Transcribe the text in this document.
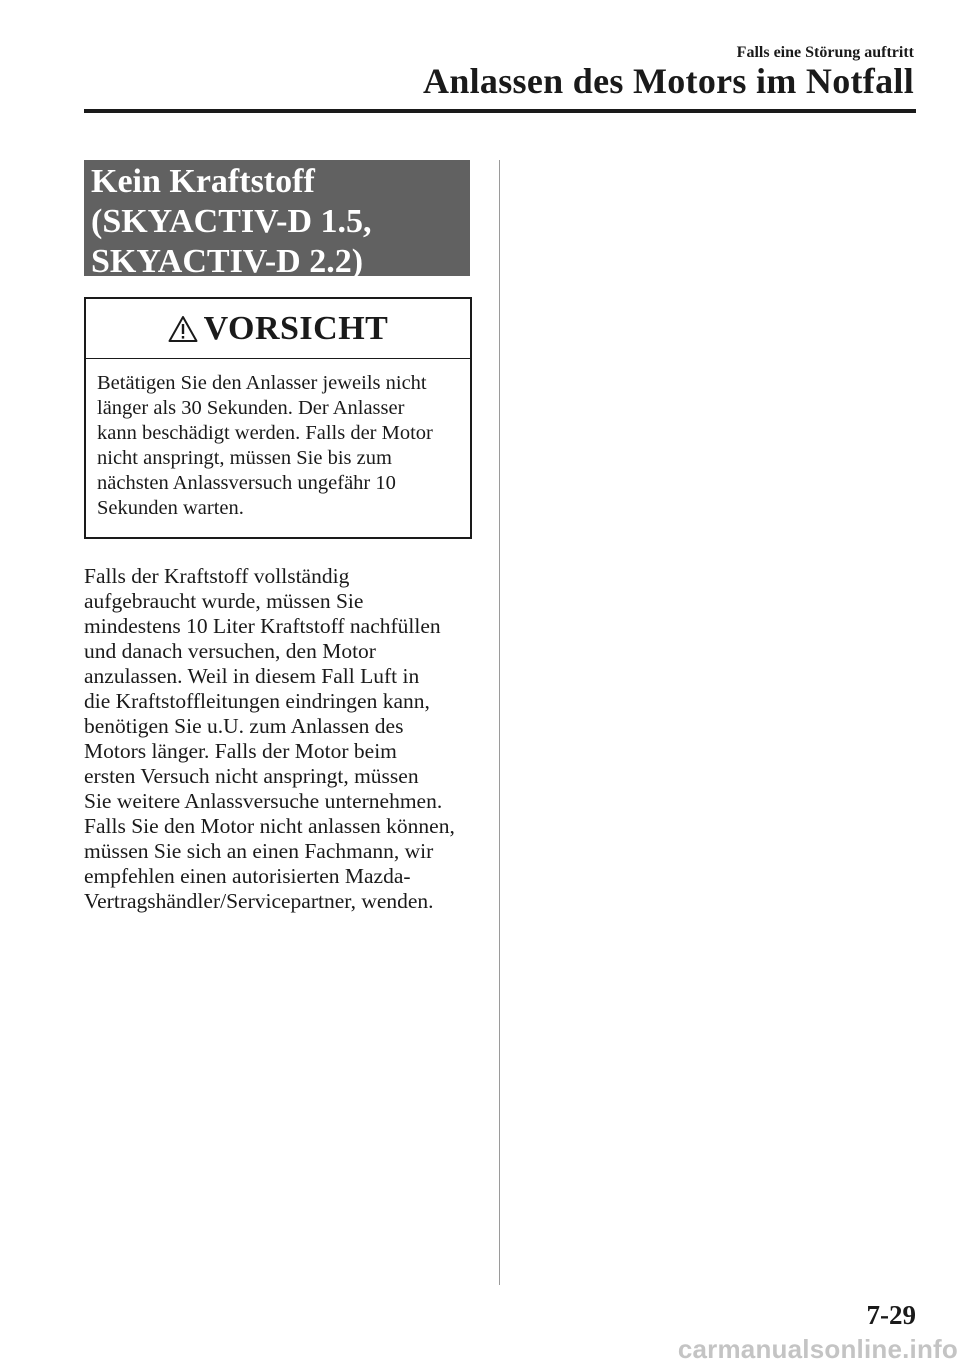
Falls eine Störung auftritt
Anlassen des Motors im Notfall
Kein Kraftstoff
(SKYACTIV-D 1.5,
SKYACTIV-D 2.2)
VORSICHT

Betätigen Sie den Anlasser jeweils nicht
länger als 30 Sekunden. Der Anlasser
kann beschädigt werden. Falls der Motor
nicht anspringt, müssen Sie bis zum
nächsten Anlassversuch ungefähr 10
Sekunden warten.

Falls der Kraftstoff vollständig
aufgebraucht wurde, müssen Sie
mindestens 10 Liter Kraftstoff nachfüllen
und danach versuchen, den Motor
anzulassen. Weil in diesem Fall Luft in
die Kraftstoffleitungen eindringen kann,
benötigen Sie u.U. zum Anlassen des
Motors länger. Falls der Motor beim
ersten Versuch nicht anspringt, müssen
Sie weitere Anlassversuche unternehmen.
Falls Sie den Motor nicht anlassen können,
müssen Sie sich an einen Fachmann, wir
empfehlen einen autorisierten Mazda-
Vertragshändler/Servicepartner, wenden.

7-29
carmanualsonline.info
